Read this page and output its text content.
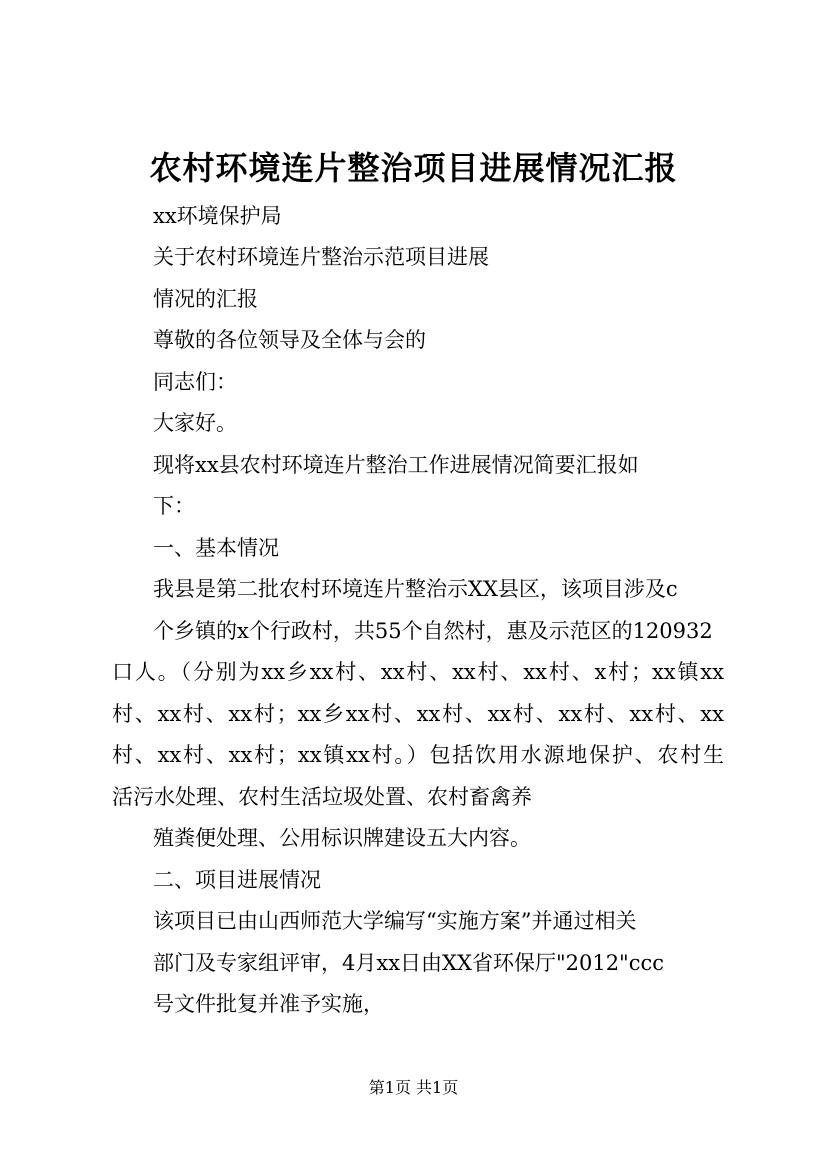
农村环境连片整治项目进展情况汇报
xx环境保护局
关于农村环境连片整治示范项目进展
情况的汇报
尊敬的各位领导及全体与会的
同志们：
大家好。
现将xx县农村环境连片整治工作进展情况简要汇报如
下：
一、基本情况
我县是第二批农村环境连片整治示XX县区，该项目涉及c
个乡镇的x个行政村，共55个自然村，惠及示范区的120932
口人。（分别为xx乡xx村、xx村、xx村、xx村、x村；xx镇xx
村、xx村、xx村；xx乡xx村、xx村、xx村、xx村、xx村、xx
村、xx村、xx村；xx镇xx村。）包括饮用水源地保护、农村生
活污水处理、农村生活垃圾处置、农村畜禽养
殖粪便处理、公用标识牌建设五大内容。
二、项目进展情况
该项目已由山西师范大学编写“实施方案”并通过相关
部门及专家组评审，4月xx日由XX省环保厅"2012"ccc
号文件批复并准予实施，
第1页 共1页
